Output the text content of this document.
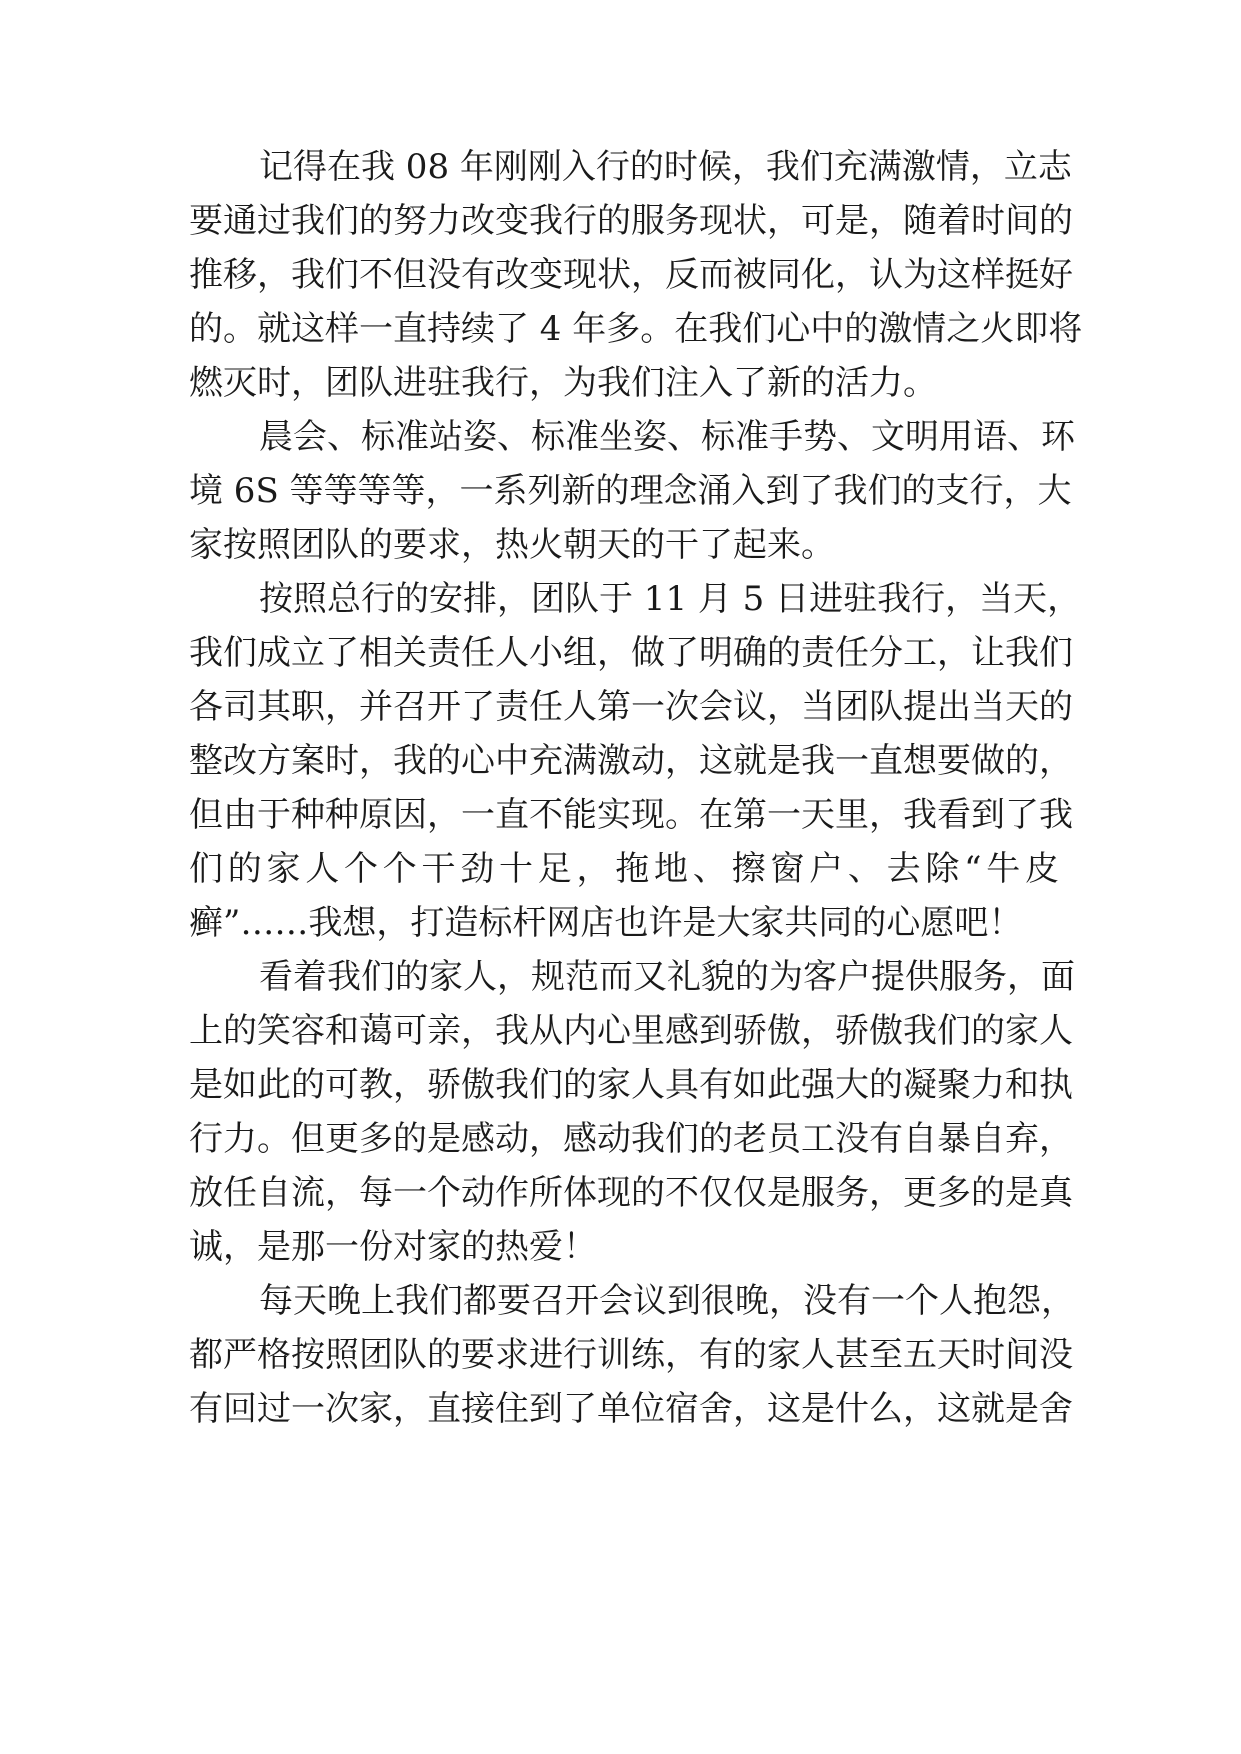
记得在我 08 年刚刚入行的时候，我们充满激情，立志
要通过我们的努力改变我行的服务现状，可是，随着时间的
推移，我们不但没有改变现状，反而被同化，认为这样挺好
的。就这样一直持续了 4 年多。在我们心中的激情之火即将
燃灭时，团队进驻我行，为我们注入了新的活力。
晨会、标准站姿、标准坐姿、标准手势、文明用语、环
境 6S 等等等等，一系列新的理念涌入到了我们的支行，大
家按照团队的要求，热火朝天的干了起来。
按照总行的安排，团队于 11 月 5 日进驻我行，当天，
我们成立了相关责任人小组，做了明确的责任分工，让我们
各司其职，并召开了责任人第一次会议，当团队提出当天的
整改方案时，我的心中充满激动，这就是我一直想要做的，
但由于种种原因，一直不能实现。在第一天里，我看到了我
们的家人个个干劲十足，拖地、擦窗户、去除“牛皮
癣”……我想，打造标杆网店也许是大家共同的心愿吧！
看着我们的家人，规范而又礼貌的为客户提供服务，面
上的笑容和蔼可亲，我从内心里感到骄傲，骄傲我们的家人
是如此的可教，骄傲我们的家人具有如此强大的凝聚力和执
行力。但更多的是感动，感动我们的老员工没有自暴自弃，
放任自流，每一个动作所体现的不仅仅是服务，更多的是真
诚，是那一份对家的热爱！
每天晚上我们都要召开会议到很晚，没有一个人抱怨，
都严格按照团队的要求进行训练，有的家人甚至五天时间没
有回过一次家，直接住到了单位宿舍，这是什么，这就是舍
